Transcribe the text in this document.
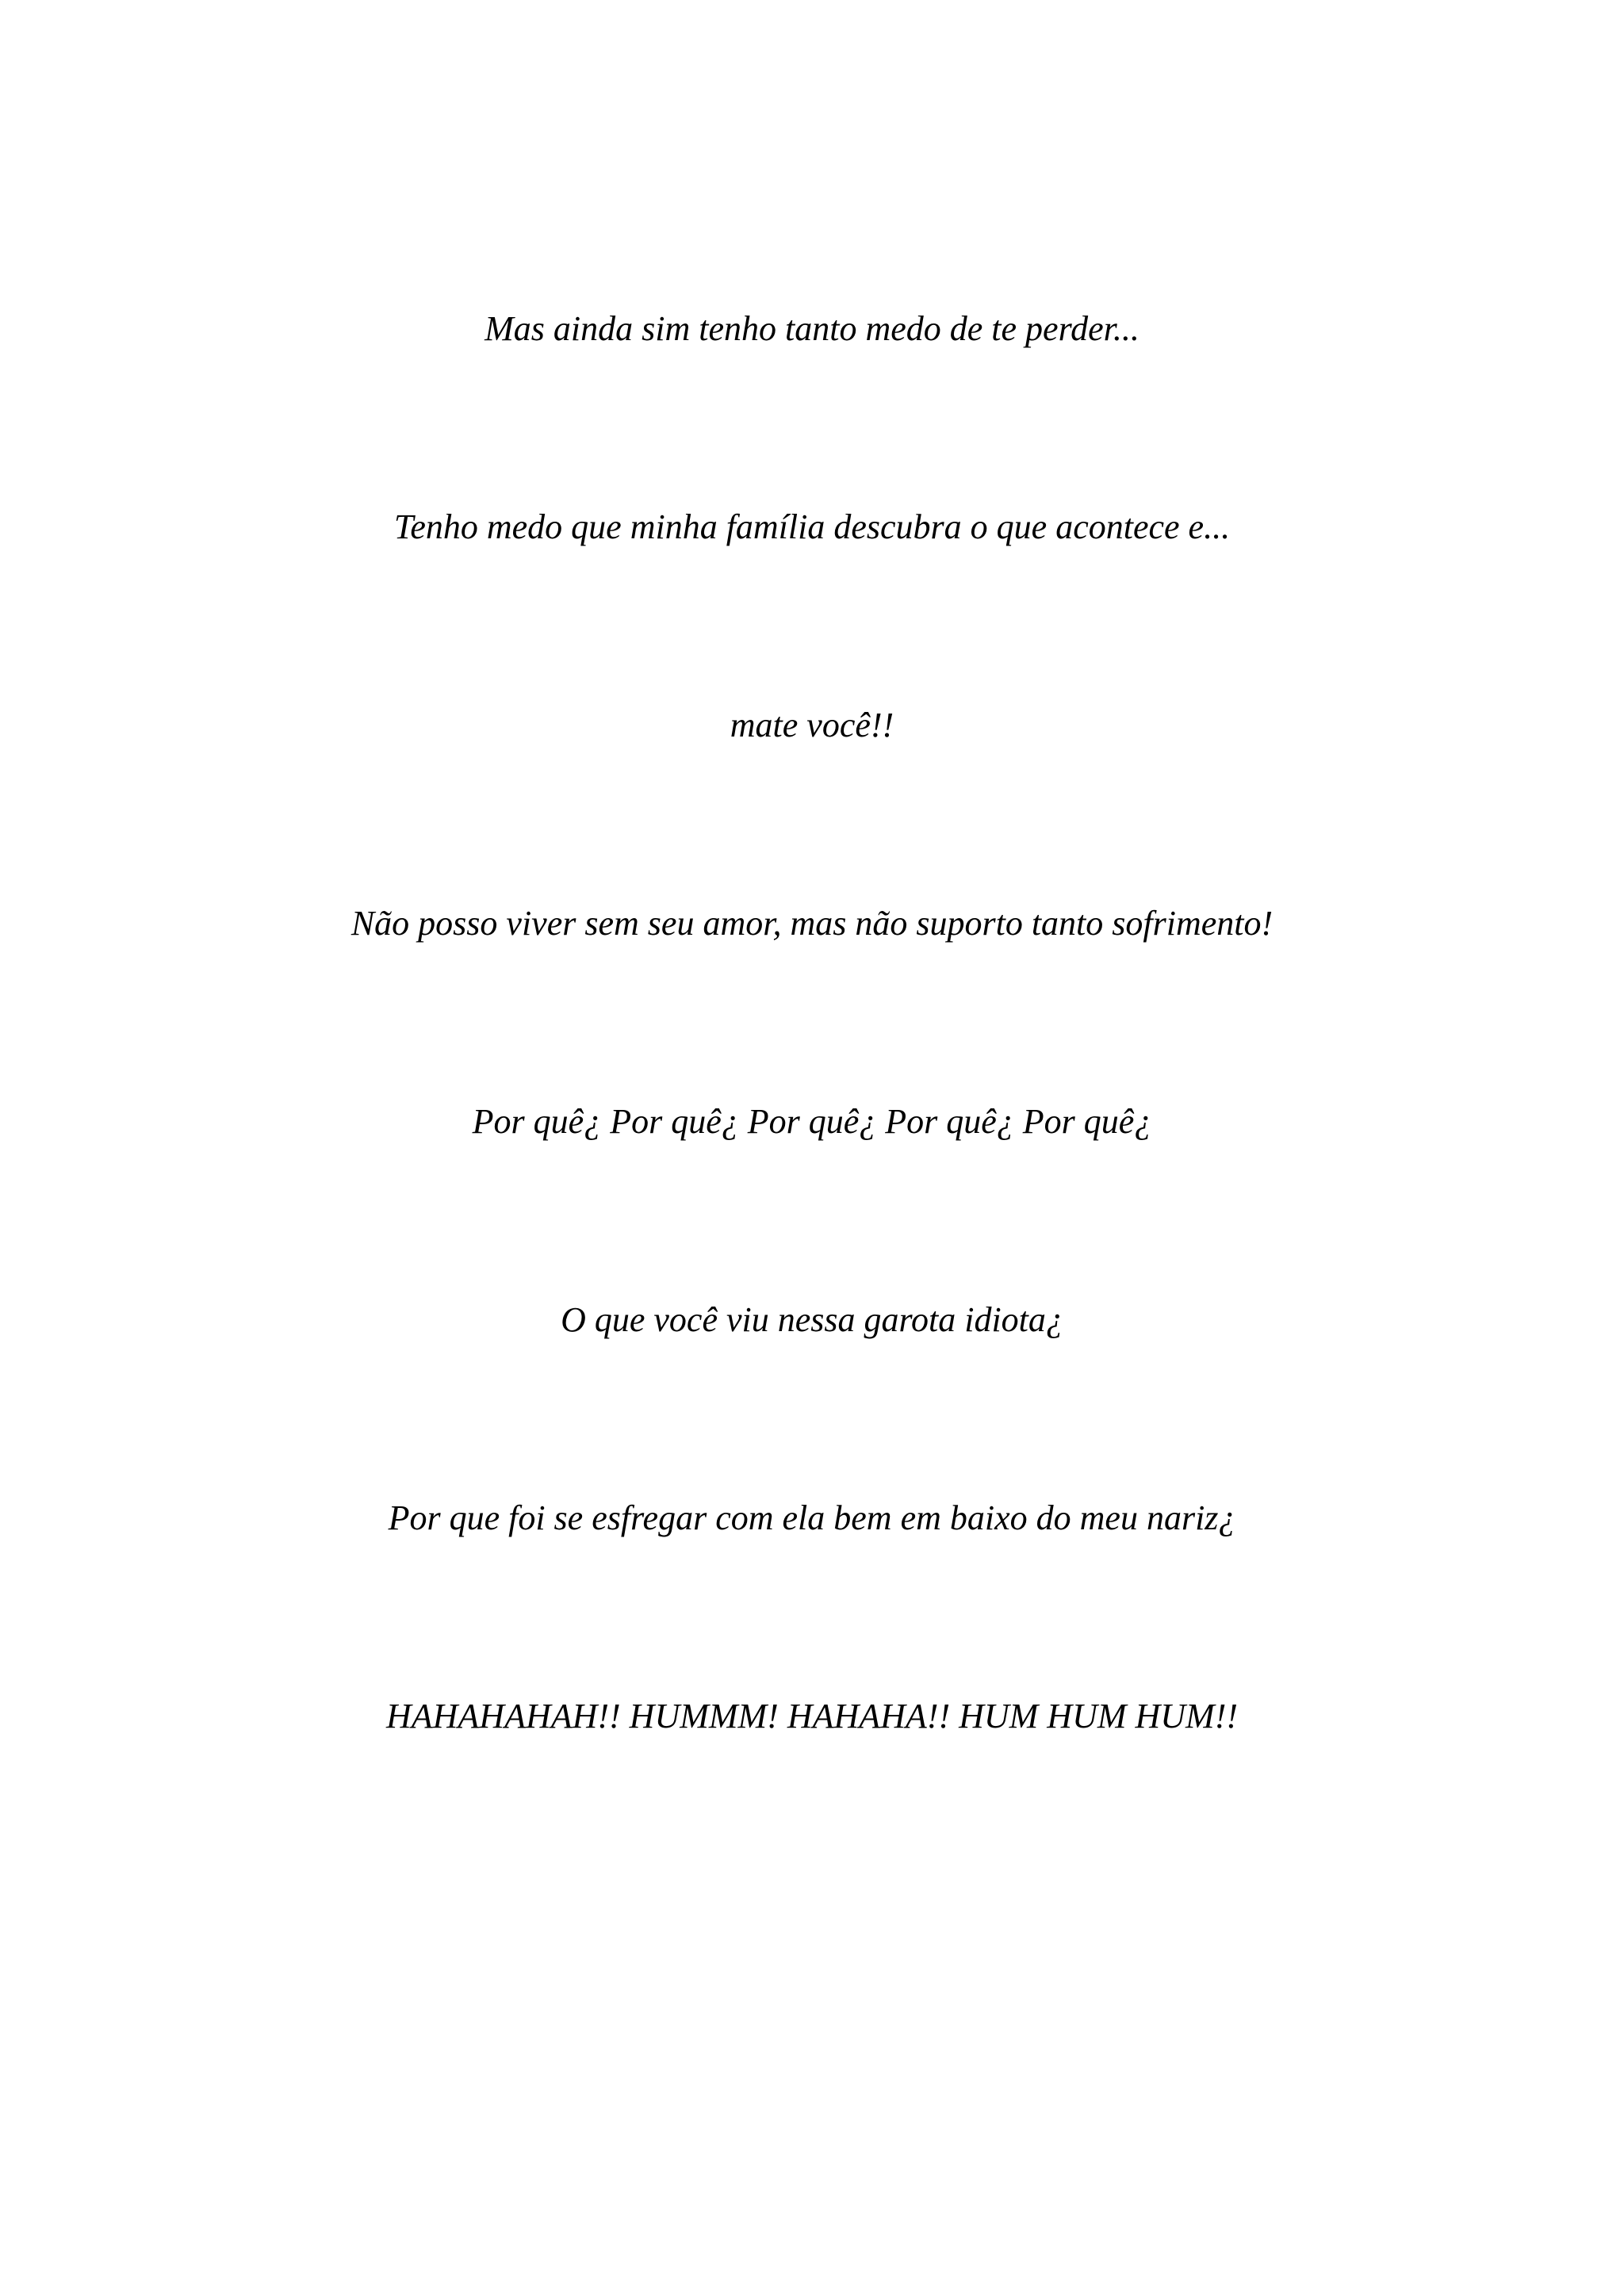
Mas ainda sim tenho tanto medo de te perder...

Tenho medo que minha família descubra o que acontece e...

mate você!!

Não posso viver sem seu amor, mas não suporto tanto sofrimento!

Por quê¿ Por quê¿ Por quê¿ Por quê¿ Por quê¿

O que você viu nessa garota idiota¿

Por que foi se esfregar com ela bem em baixo do meu nariz¿

HAHAHAHAH!! HUMMM! HAHAHA!! HUM HUM HUM!!
